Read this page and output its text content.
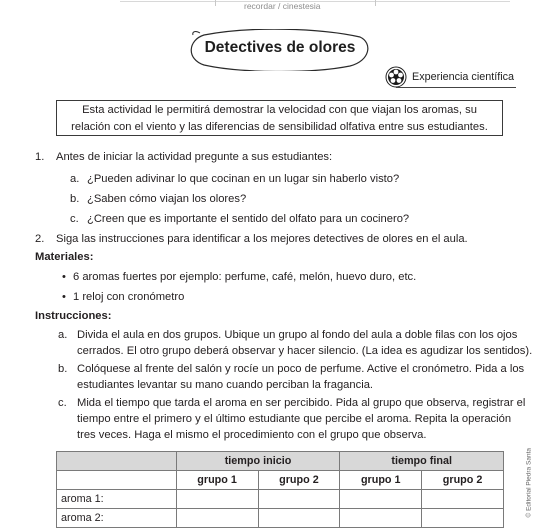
recordar / cinestesia
Detectives de olores
Experiencia científica
Esta actividad le permitirá demostrar la velocidad con que viajan los aromas, su
relación con el viento y las diferencias de sensibilidad olfativa entre sus estudiantes.
1. Antes de iniciar la actividad pregunte a sus estudiantes:
a. ¿Pueden adivinar lo que cocinan en un lugar sin haberlo visto?
b. ¿Saben cómo viajan los olores?
c. ¿Creen que es importante el sentido del olfato para un cocinero?
2. Siga las instrucciones para identificar a los mejores detectives de olores en el aula.
Materiales:
• 6 aromas fuertes por ejemplo: perfume, café, melón, huevo duro, etc.
• 1 reloj con cronómetro
Instrucciones:
a. Divida el aula en dos grupos. Ubique un grupo al fondo del aula a doble filas con los ojos
cerrados. El otro grupo deberá observar y hacer silencio. (La idea es agudizar los sentidos).
b. Colóquese al frente del salón y rocíe un poco de perfume. Active el cronómetro. Pida a los
estudiantes levantar su mano cuando perciban la fragancia.
c. Mida el tiempo que tarda el aroma en ser percibido. Pida al grupo que observa, registrar el
tiempo entre el primero y el último estudiante que percibe el aroma. Repita la operación
tres veces. Haga el mismo el procedimiento con el grupo que observa.
	tiempo inicio		tiempo final	
	grupo 1	grupo 2	grupo 1	grupo 2
aroma 1:				
aroma 2:				
© Editorial Piedra Santa
